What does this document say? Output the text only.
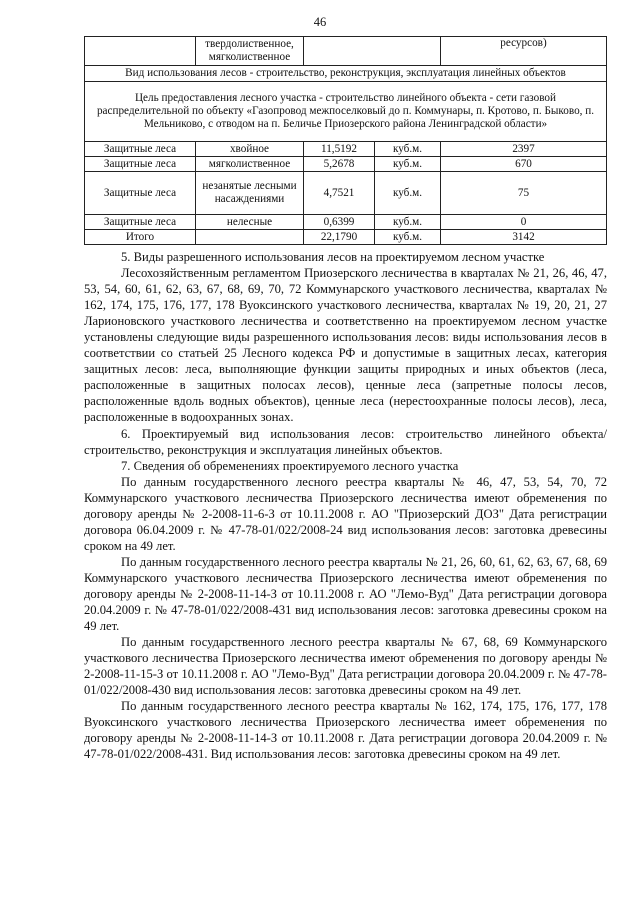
46
	твердолиственное, мягколиственное			ресурсов)
Вид использования лесов - строительство, реконструкция, эксплуатация линейных объектов				
Цель предоставления лесного участка - строительство линейного объекта - сети газовой распределительной по объекту «Газопровод межпоселковый до п. Коммунары, п. Кротово, п. Быково, п. Мельниково, с отводом на п. Беличье Приозерского района Ленинградской области»				
Защитные леса	хвойное	11,5192	куб.м.	2397
Защитные леса	мягколиственное	5,2678	куб.м.	670
Защитные леса	незанятые лесными насаждениями	4,7521	куб.м.	75
Защитные леса	нелесные	0,6399	куб.м.	0
Итого		22,1790	куб.м.	3142

5. Виды разрешенного использования лесов на проектируемом лесном участке

Лесохозяйственным регламентом Приозерского лесничества в кварталах № 21, 26, 46, 47, 53, 54, 60, 61, 62, 63, 67, 68, 69, 70, 72 Коммунарского участкового лесничества, кварталах № 162, 174, 175, 176, 177, 178 Вуоксинского участкового лесничества, кварталах № 19, 20, 21, 27 Ларионовского участкового лесничества и соответственно на проектируемом лесном участке установлены следующие виды разрешенного использования лесов: виды использования лесов в соответствии со статьей 25 Лесного кодекса РФ и допустимые в защитных лесах, категория защитных лесов: леса, выполняющие функции защиты природных и иных объектов (леса, расположенные в защитных полосах лесов), ценные леса (запретные полосы лесов, расположенные вдоль водных объектов), ценные леса (нерестоохранные полосы лесов), леса, расположенные в водоохранных зонах.

6. Проектируемый вид использования лесов: строительство линейного объекта/ строительство, реконструкция и эксплуатация линейных объектов.

7. Сведения об обременениях проектируемого лесного участка

По данным государственного лесного реестра кварталы № 46, 47, 53, 54, 70, 72 Коммунарского участкового лесничества Приозерского лесничества имеют обременения по договору аренды № 2-2008-11-6-З от 10.11.2008 г. АО "Приозерский ДОЗ" Дата регистрации договора 06.04.2009 г. № 47-78-01/022/2008-24 вид использования лесов: заготовка древесины сроком на 49 лет.

По данным государственного лесного реестра кварталы № 21, 26, 60, 61, 62, 63, 67, 68, 69 Коммунарского участкового лесничества Приозерского лесничества имеют обременения по договору аренды № 2-2008-11-14-З от 10.11.2008 г. АО "Лемо-Вуд" Дата регистрации договора 20.04.2009 г. № 47-78-01/022/2008-431 вид использования лесов: заготовка древесины сроком на 49 лет.

По данным государственного лесного реестра кварталы № 67, 68, 69 Коммунарского участкового лесничества Приозерского лесничества имеют обременения по договору аренды № 2-2008-11-15-З от 10.11.2008 г. АО "Лемо-Вуд" Дата регистрации договора 20.04.2009 г. № 47-78-01/022/2008-430 вид использования лесов: заготовка древесины сроком на 49 лет.

По данным государственного лесного реестра кварталы № 162, 174, 175, 176, 177, 178 Вуоксинского участкового лесничества Приозерского лесничества имеет обременения по договору аренды № 2-2008-11-14-З от 10.11.2008 г. Дата регистрации договора 20.04.2009 г. № 47-78-01/022/2008-431. Вид использования лесов: заготовка древесины сроком на 49 лет.
